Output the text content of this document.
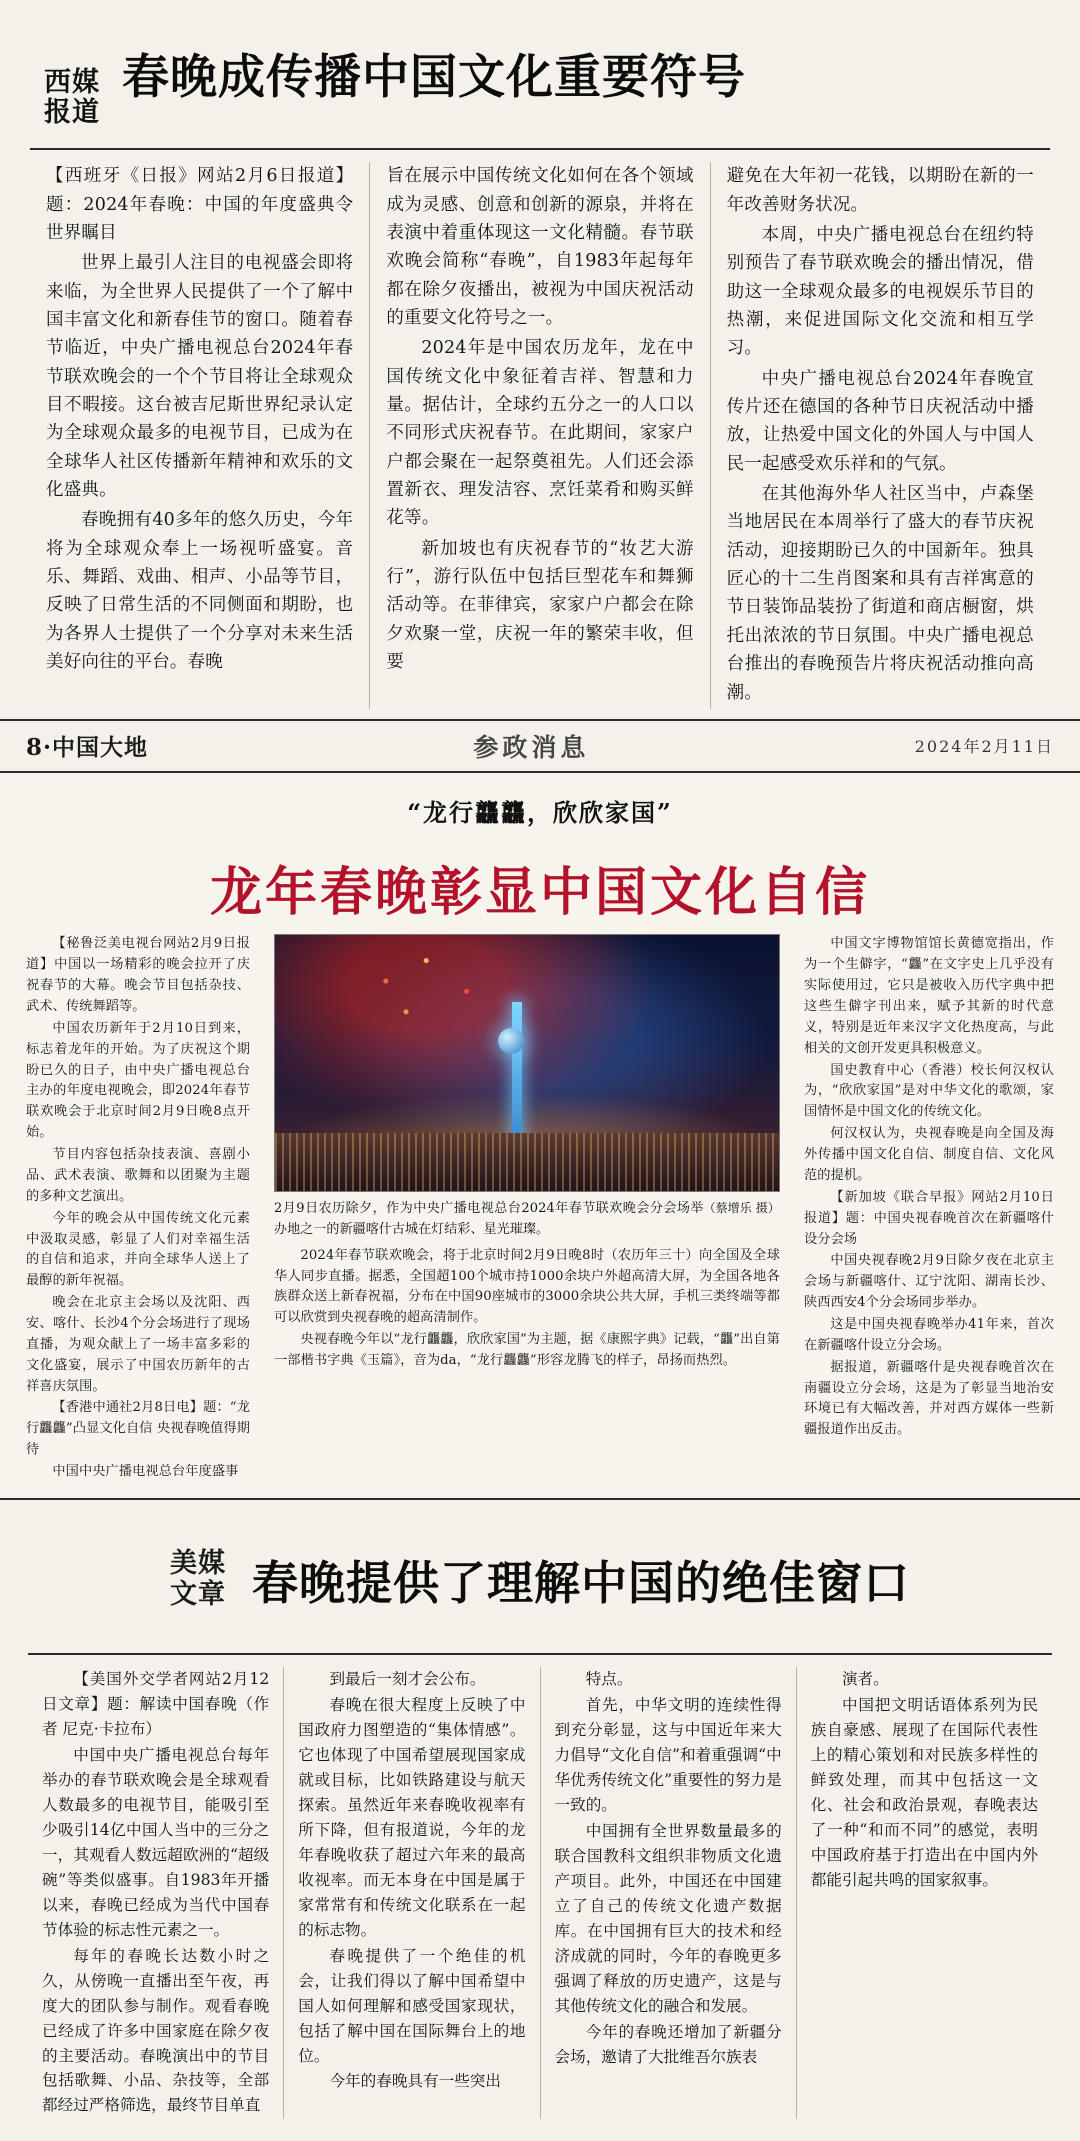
西媒
报道
春晚成传播中国文化重要符号

【西班牙《日报》网站2月6日报道】题：2024年春晚：中国的年度盛典令世界瞩目

世界上最引人注目的电视盛会即将来临，为全世界人民提供了一个了解中国丰富文化和新春佳节的窗口。随着春节临近，中央广播电视总台2024年春节联欢晚会的一个个节目将让全球观众目不暇接。这台被吉尼斯世界纪录认定为全球观众最多的电视节目，已成为在全球华人社区传播新年精神和欢乐的文化盛典。

春晚拥有40多年的悠久历史，今年将为全球观众奉上一场视听盛宴。音乐、舞蹈、戏曲、相声、小品等节目，反映了日常生活的不同侧面和期盼，也为各界人士提供了一个分享对未来生活美好向往的平台。春晚

旨在展示中国传统文化如何在各个领域成为灵感、创意和创新的源泉，并将在表演中着重体现这一文化精髓。春节联欢晚会简称“春晚”，自1983年起每年都在除夕夜播出，被视为中国庆祝活动的重要文化符号之一。

2024年是中国农历龙年，龙在中国传统文化中象征着吉祥、智慧和力量。据估计，全球约五分之一的人口以不同形式庆祝春节。在此期间，家家户户都会聚在一起祭奠祖先。人们还会添置新衣、理发洁容、烹饪菜肴和购买鲜花等。

新加坡也有庆祝春节的“妆艺大游行”，游行队伍中包括巨型花车和舞狮活动等。在菲律宾，家家户户都会在除夕欢聚一堂，庆祝一年的繁荣丰收，但要

避免在大年初一花钱，以期盼在新的一年改善财务状况。

本周，中央广播电视总台在纽约特别预告了春节联欢晚会的播出情况，借助这一全球观众最多的电视娱乐节目的热潮，来促进国际文化交流和相互学习。

中央广播电视总台2024年春晚宣传片还在德国的各种节日庆祝活动中播放，让热爱中国文化的外国人与中国人民一起感受欢乐祥和的气氛。

在其他海外华人社区当中，卢森堡当地居民在本周举行了盛大的春节庆祝活动，迎接期盼已久的中国新年。独具匠心的十二生肖图案和具有吉祥寓意的节日装饰品装扮了街道和商店橱窗，烘托出浓浓的节日氛围。中央广播电视总台推出的春晚预告片将庆祝活动推向高潮。

8·中国大地	参政消息	2024年2月11日
“龙行龘龘，欣欣家国”
龙年春晚彰显中国文化自信

【秘鲁泛美电视台网站2月9日报道】中国以一场精彩的晚会拉开了庆祝春节的大幕。晚会节目包括杂技、武术、传统舞蹈等。

中国农历新年于2月10日到来，标志着龙年的开始。为了庆祝这个期盼已久的日子，由中央广播电视总台主办的年度电视晚会，即2024年春节联欢晚会于北京时间2月9日晚8点开始。

节目内容包括杂技表演、喜剧小品、武术表演、歌舞和以团聚为主题的多种文艺演出。

今年的晚会从中国传统文化元素中汲取灵感，彰显了人们对幸福生活的自信和追求，并向全球华人送上了最醇的新年祝福。

晚会在北京主会场以及沈阳、西安、喀什、长沙4个分会场进行了现场直播，为观众献上了一场丰富多彩的文化盛宴，展示了中国农历新年的古祥喜庆氛围。

【香港中通社2月8日电】题：“龙行龘龘”凸显文化自信 央视春晚值得期待

中国中央广播电视总台年度盛事

（蔡增乐 摄）
2月9日农历除夕，作为中央广播电视总台2024年春节联欢晚会分会场举办地之一的新疆喀什古城在灯结彩、星光璀璨。

2024年春节联欢晚会，将于北京时间2月9日晚8时（农历年三十）向全国及全球华人同步直播。据悉，全国超100个城市持1000余块户外超高清大屏，为全国各地各族群众送上新春祝福，分布在中国90座城市的3000余块公共大屏，手机三类终端等都可以欣赏到央视春晚的超高清制作。

央视春晚今年以“龙行龘龘，欣欣家国”为主题，据《康熙字典》记载，“龘”出自第一部楷书字典《玉篇》，音为da，“龙行龘龘”形容龙腾飞的样子，昂扬而热烈。

中国文字博物馆馆长黄德宽指出，作为一个生僻字，“龘”在文字史上几乎没有实际使用过，它只是被收入历代字典中把这些生僻字刊出来，赋予其新的时代意义，特别是近年来汉字文化热度高，与此相关的文创开发更具积极意义。

国史教育中心（香港）校长何汉权认为，“欣欣家国”是对中华文化的歌颂，家国情怀是中国文化的传统文化。

何汉权认为，央视春晚是向全国及海外传播中国文化自信、制度自信、文化风范的提机。

【新加坡《联合早报》网站2月10日报道】题：中国央视春晚首次在新疆喀什设分会场

中国央视春晚2月9日除夕夜在北京主会场与新疆喀什、辽宁沈阳、湖南长沙、陕西西安4个分会场同步举办。

这是中国央视春晚举办41年来，首次在新疆喀什设立分会场。

据报道，新疆喀什是央视春晚首次在南疆设立分会场，这是为了彰显当地治安环境已有大幅改善，并对西方媒体一些新疆报道作出反击。

美媒
文章 春晚提供了理解中国的绝佳窗口

【美国外交学者网站2月12日文章】题：解读中国春晚（作者 尼克·卡拉布）

中国中央广播电视总台每年举办的春节联欢晚会是全球观看人数最多的电视节目，能吸引至少吸引14亿中国人当中的三分之一，其观看人数远超欧洲的“超级碗”等类似盛事。自1983年开播以来，春晚已经成为当代中国春节体验的标志性元素之一。

每年的春晚长达数小时之久，从傍晚一直播出至午夜，再度大的团队参与制作。观看春晚已经成了许多中国家庭在除夕夜的主要活动。春晚演出中的节目包括歌舞、小品、杂技等，全部都经过严格筛选，最终节目单直

到最后一刻才会公布。

春晚在很大程度上反映了中国政府力图塑造的“集体情感”。它也体现了中国希望展现国家成就或目标，比如铁路建设与航天探索。虽然近年来春晚收视率有所下降，但有报道说，今年的龙年春晚收获了超过六年来的最高收视率。而无本身在中国是属于家常常有和传统文化联系在一起的标志物。

春晚提供了一个绝佳的机会，让我们得以了解中国希望中国人如何理解和感受国家现状，包括了解中国在国际舞台上的地位。

今年的春晚具有一些突出

特点。

首先，中华文明的连续性得到充分彰显，这与中国近年来大力倡导“文化自信”和着重强调“中华优秀传统文化”重要性的努力是一致的。

中国拥有全世界数量最多的联合国教科文组织非物质文化遗产项目。此外，中国还在中国建立了自己的传统文化遗产数据库。在中国拥有巨大的技术和经济成就的同时，今年的春晚更多强调了释放的历史遗产，这是与其他传统文化的融合和发展。

今年的春晚还增加了新疆分会场，邀请了大批维吾尔族表

演者。

中国把文明话语体系列为民族自豪感、展现了在国际代表性上的精心策划和对民族多样性的鲜致处理，而其中包括这一文化、社会和政治景观，春晚表达了一种“和而不同”的感觉，表明中国政府基于打造出在中国内外都能引起共鸣的国家叙事。
